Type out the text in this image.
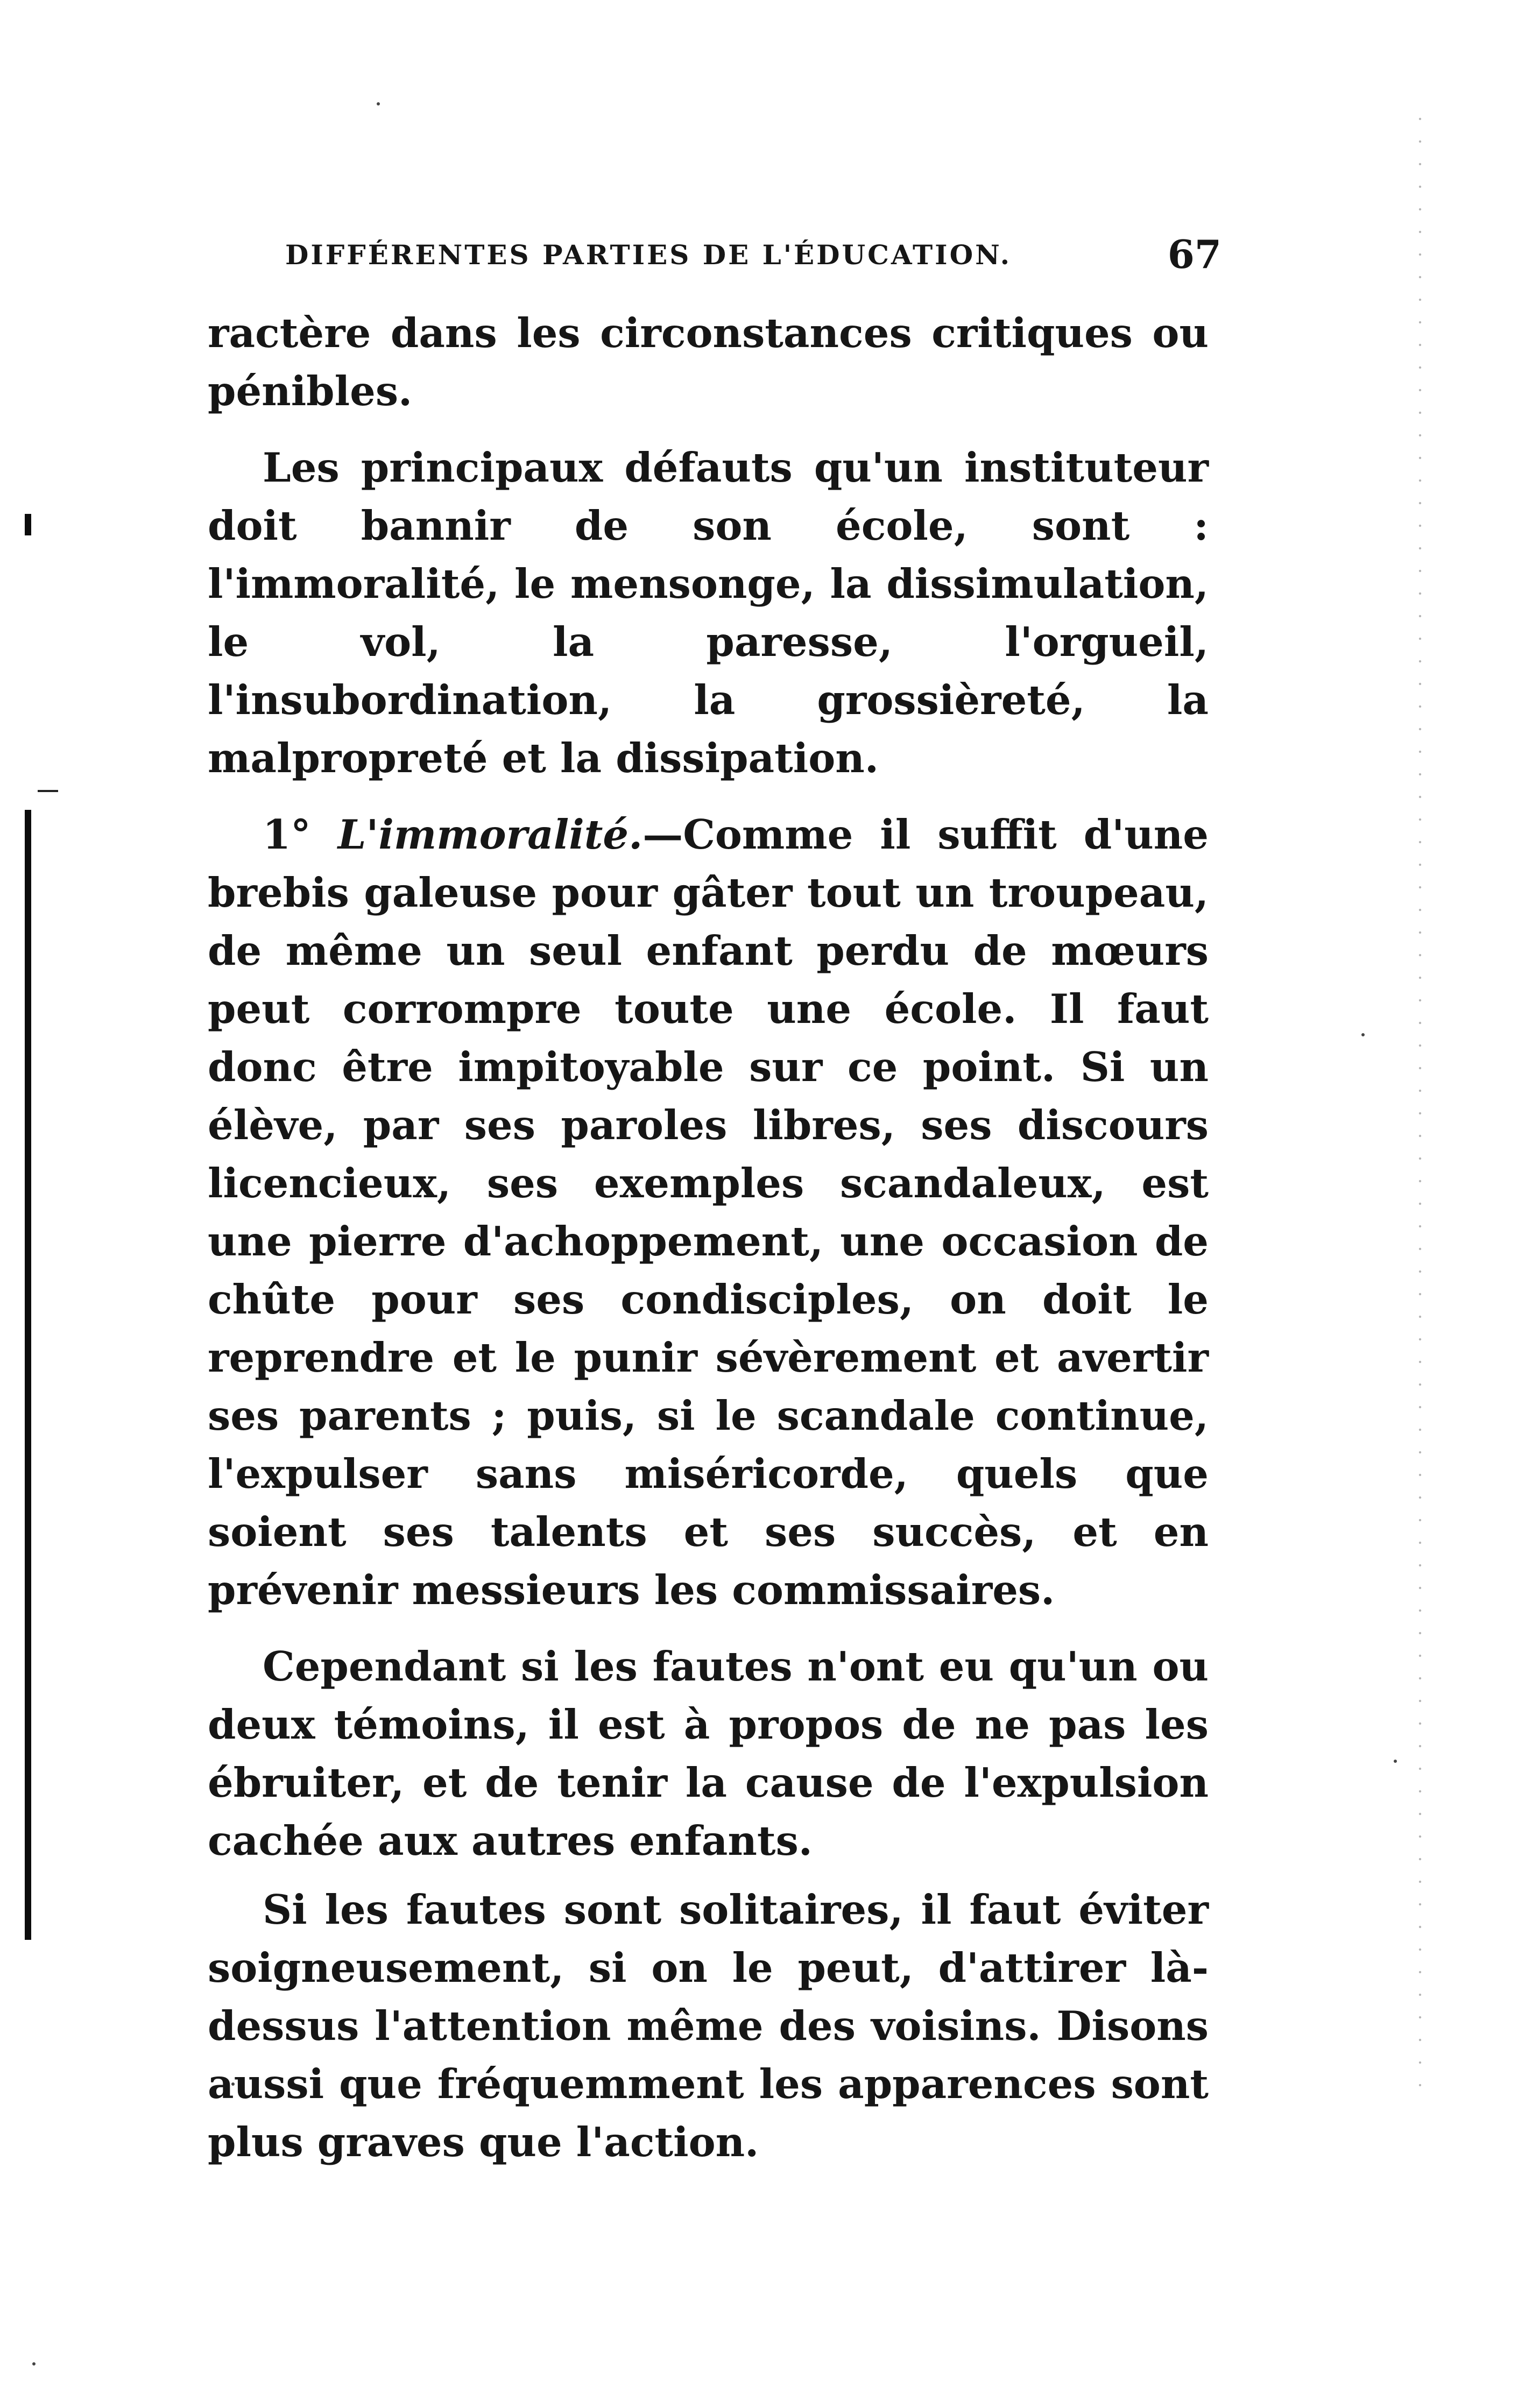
DIFFÉRENTES PARTIES DE L'ÉDUCATION.	67

ractère dans les circonstances critiques ou pénibles.

Les principaux défauts qu'un instituteur doit bannir de son école, sont : l'immoralité, le mensonge, la dissimulation, le vol, la paresse, l'orgueil, l'insubordination, la grossièreté, la malpropreté et la dissipation.

1° L'immoralité.—Comme il suffit d'une brebis galeuse pour gâter tout un troupeau, de même un seul enfant perdu de mœurs peut corrompre toute une école. Il faut donc être impitoyable sur ce point. Si un élève, par ses paroles libres, ses discours licencieux, ses exemples scandaleux, est une pierre d'achoppement, une occasion de chûte pour ses condisciples, on doit le reprendre et le punir sévèrement et avertir ses parents ; puis, si le scandale continue, l'expulser sans miséricorde, quels que soient ses talents et ses succès, et en prévenir messieurs les commissaires.

Cependant si les fautes n'ont eu qu'un ou deux témoins, il est à propos de ne pas les ébruiter, et de tenir la cause de l'expulsion cachée aux autres enfants.

Si les fautes sont solitaires, il faut éviter soigneusement, si on le peut, d'attirer là-dessus l'attention même des voisins. Disons aussi que fréquemment les apparences sont plus graves que l'action.
